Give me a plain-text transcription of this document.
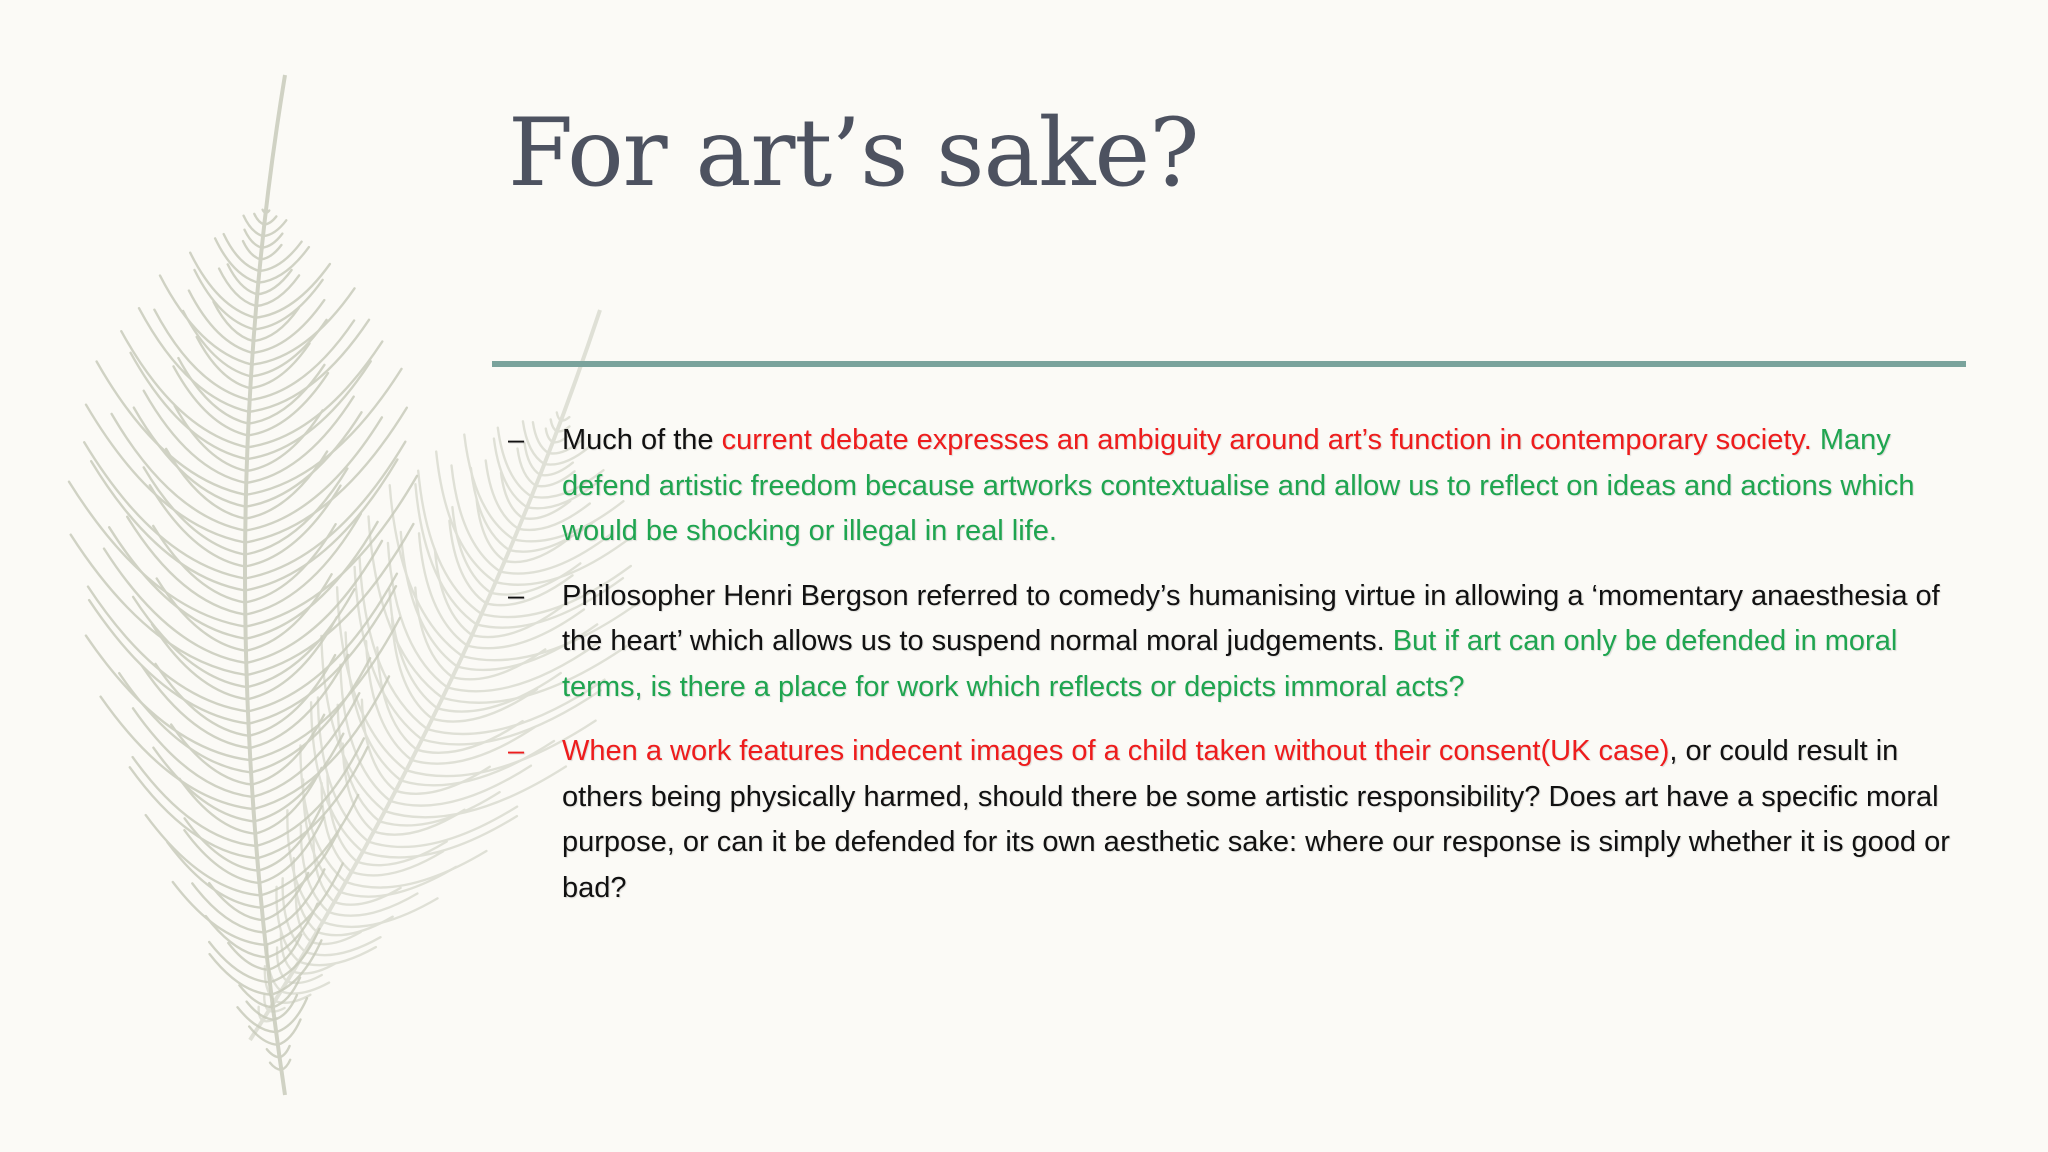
For art’s sake?
– Much of the current debate expresses an ambiguity around art’s function in contemporary society. Many defend artistic freedom because artworks contextualise and allow us to reflect on ideas and actions which would be shocking or illegal in real life.
– Philosopher Henri Bergson referred to comedy’s humanising virtue in allowing a ‘momentary anaesthesia of the heart’ which allows us to suspend normal moral judgements. But if art can only be defended in moral terms, is there a place for work which reflects or depicts immoral acts?
– When a work features indecent images of a child taken without their consent(UK case), or could result in others being physically harmed, should there be some artistic responsibility? Does art have a specific moral purpose, or can it be defended for its own aesthetic sake: where our response is simply whether it is good or bad?
